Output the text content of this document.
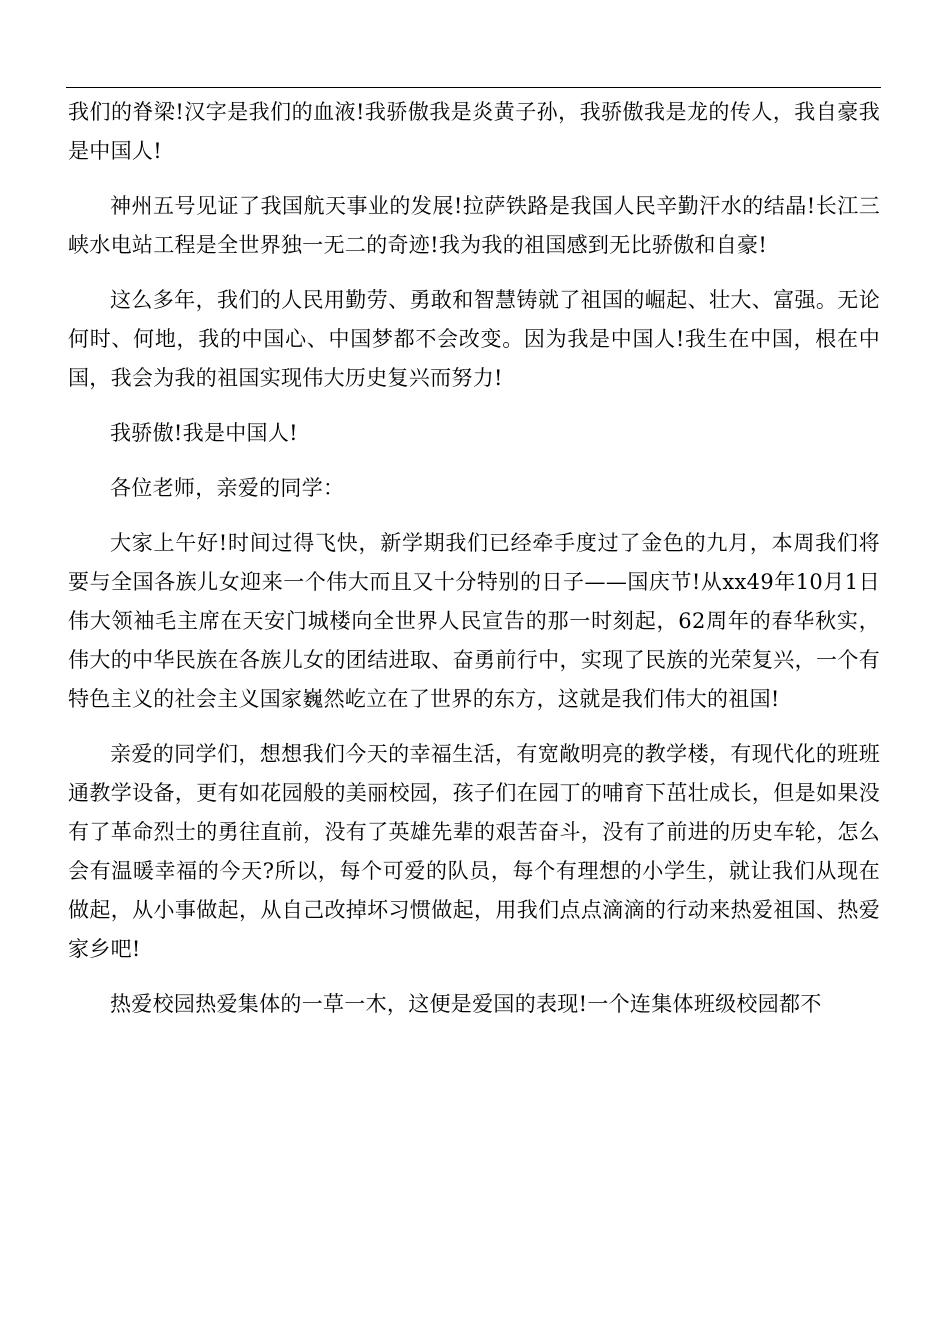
我们的脊梁!汉字是我们的血液!我骄傲我是炎黄子孙，我骄傲我是龙的传人，我自豪我是中国人!

神州五号见证了我国航天事业的发展!拉萨铁路是我国人民辛勤汗水的结晶!长江三峡水电站工程是全世界独一无二的奇迹!我为我的祖国感到无比骄傲和自豪!

这么多年，我们的人民用勤劳、勇敢和智慧铸就了祖国的崛起、壮大、富强。无论何时、何地，我的中国心、中国梦都不会改变。因为我是中国人!我生在中国，根在中国，我会为我的祖国实现伟大历史复兴而努力!

我骄傲!我是中国人!

各位老师，亲爱的同学：

大家上午好!时间过得飞快，新学期我们已经牵手度过了金色的九月，本周我们将要与全国各族儿女迎来一个伟大而且又十分特别的日子——国庆节!从xx49年10月1日伟大领袖毛主席在天安门城楼向全世界人民宣告的那一时刻起，62周年的春华秋实，伟大的中华民族在各族儿女的团结进取、奋勇前行中，实现了民族的光荣复兴，一个有特色主义的社会主义国家巍然屹立在了世界的东方，这就是我们伟大的祖国!

亲爱的同学们，想想我们今天的幸福生活，有宽敞明亮的教学楼，有现代化的班班通教学设备，更有如花园般的美丽校园，孩子们在园丁的哺育下茁壮成长，但是如果没有了革命烈士的勇往直前，没有了英雄先辈的艰苦奋斗，没有了前进的历史车轮，怎么会有温暖幸福的今天?所以，每个可爱的队员，每个有理想的小学生，就让我们从现在做起，从小事做起，从自己改掉坏习惯做起，用我们点点滴滴的行动来热爱祖国、热爱家乡吧!

热爱校园热爱集体的一草一木，这便是爱国的表现!一个连集体班级校园都不
